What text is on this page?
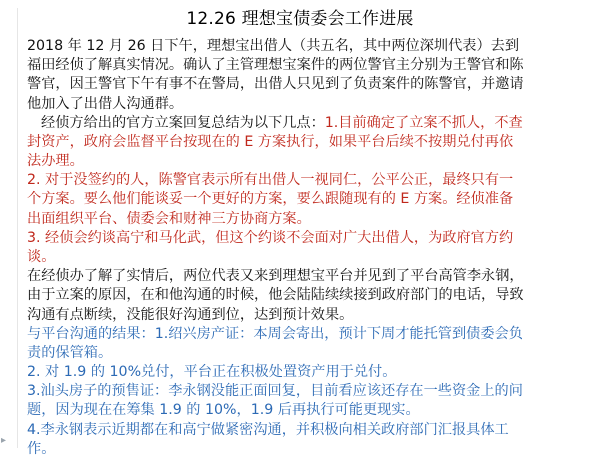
12.26 理想宝债委会工作进展
2018 年 12 月 26 日下午，理想宝出借人（共五名，其中两位深圳代表）去到
福田经侦了解真实情况。确认了主管理想宝案件的两位警官主分别为王警官和陈
警官，因王警官下午有事不在警局，出借人只见到了负责案件的陈警官，并邀请
他加入了出借人沟通群。
经侦方给出的官方立案回复总结为以下几点：1.目前确定了立案不抓人，不查
封资产，政府会监督平台按现在的 E 方案执行，如果平台后续不按期兑付再依
法办理。
2. 对于没签约的人，陈警官表示所有出借人一视同仁，公平公正，最终只有一
个方案。要么他们能谈妥一个更好的方案，要么跟随现有的 E 方案。经侦准备
出面组织平台、债委会和财神三方协商方案。
3. 经侦会约谈高宁和马化武，但这个约谈不会面对广大出借人，为政府官方约
谈。
在经侦办了解了实情后，两位代表又来到理想宝平台并见到了平台高管李永钢，
由于立案的原因，在和他沟通的时候，他会陆陆续续接到政府部门的电话，导致
沟通有点断续，没能很好沟通到位，达到预计效果。
与平台沟通的结果：1.绍兴房产证：本周会寄出，预计下周才能托管到债委会负
责的保管箱。
2. 对 1.9 的 10%兑付，平台正在积极处置资产用于兑付。
3.汕头房子的预售证：李永钢没能正面回复，目前看应该还存在一些资金上的问
题，因为现在在筹集 1.9 的 10%，1.9 后再执行可能更现实。
4.李永钢表示近期都在和高宁做紧密沟通，并积极向相关政府部门汇报具体工
作。
▸
